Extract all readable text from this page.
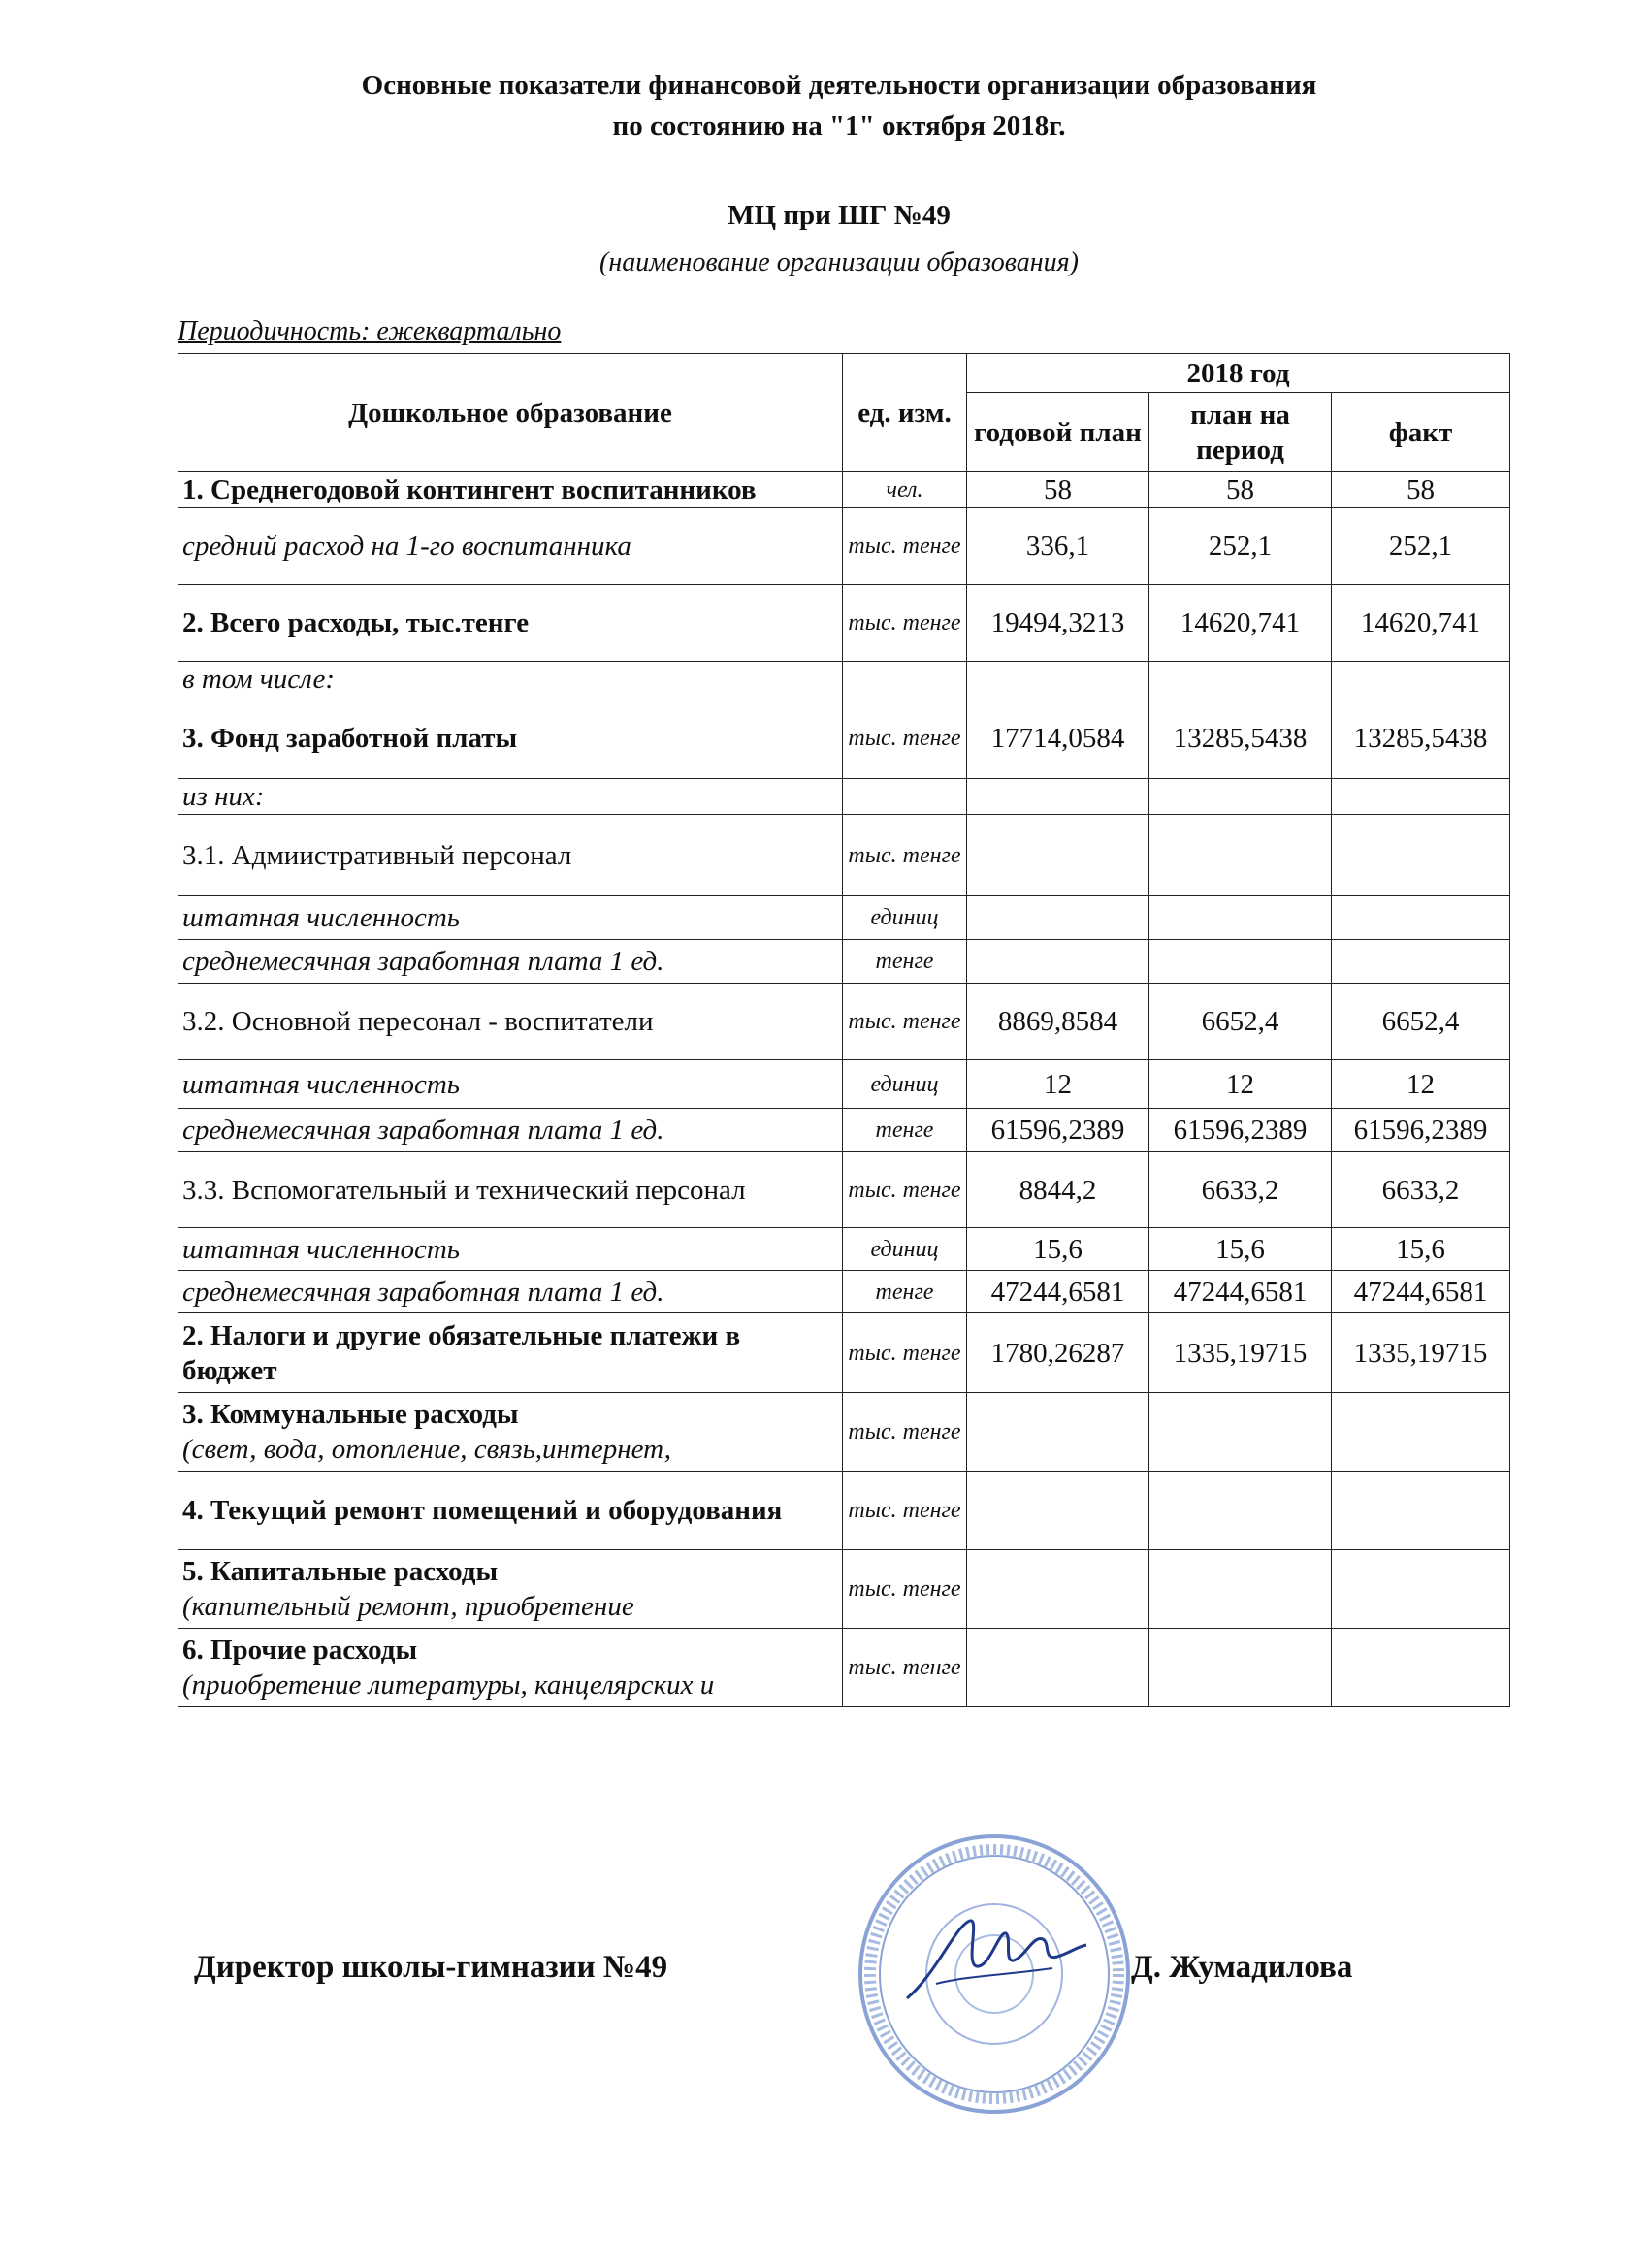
Основные показатели финансовой деятельности организации образования
по состоянию на "1" октября 2018г.
МЦ при ШГ №49
(наименование организации образования)
Периодичность: ежеквартально
Дошкольное образование	ед. изм.	2018 год		
		годовой план	план на период	факт
1. Среднегодовой контингент воспитанников	чел.	58	58	58
средний расход на 1-го воспитанника	тыс. тенге	336,1	252,1	252,1
2. Всего расходы, тыс.тенге	тыс. тенге	19494,3213	14620,741	14620,741
в том числе:				
3. Фонд заработной платы	тыс. тенге	17714,0584	13285,5438	13285,5438
из них:				
3.1. Адмиистративный персонал	тыс. тенге			
штатная численность	единиц			
среднемесячная заработная плата 1 ед.	тенге			
3.2. Основной пересонал - воспитатели	тыс. тенге	8869,8584	6652,4	6652,4
штатная численность	единиц	12	12	12
среднемесячная заработная плата 1 ед.	тенге	61596,2389	61596,2389	61596,2389
3.3. Вспомогательный и технический персонал	тыс. тенге	8844,2	6633,2	6633,2
штатная численность	единиц	15,6	15,6	15,6
среднемесячная заработная плата 1 ед.	тенге	47244,6581	47244,6581	47244,6581
2. Налоги и другие обязательные платежи в бюджет	тыс. тенге	1780,26287	1335,19715	1335,19715
3. Коммунальные расходы
(свет, вода, отопление, связь,интернет,	тыс. тенге			
4. Текущий ремонт помещений и оборудования	тыс. тенге			
5. Капитальные расходы
(капительный ремонт, приобретение	тыс. тенге			
6. Прочие расходы
(приобретение литературы, канцелярских и	тыс. тенге			
Директор школы-гимназии №49	Д. Жумадилова
